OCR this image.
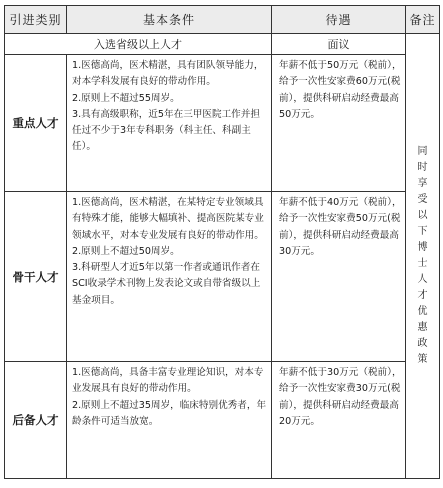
引进类别	基本条件	待遇	备注
入选省级以上人才		面议	同时享受以下博士人才优惠政策

重点人才	1.医德高尚，医术精湛，具有团队领导能力，对本学科发展有良好的带动作用。

2.原则上不超过55周岁。

3.具有高级职称，近5年在三甲医院工作并担任过不少于3年专科职务（科主任、科副主任）。	年薪不低于50万元（税前），给予一次性安家费60万元(税前），提供科研启动经费最高50万元。	
骨干人才	1.医德高尚，医术精湛，在某特定专业领域具有特殊才能，能够大幅填补、提高医院某专业领域水平，对本专业发展有良好的带动作用。

2.原则上不超过50周岁。

3.科研型人才近5年以第一作者或通讯作者在SCI收录学术刊物上发表论文或自带省级以上基金项目。	年薪不低于40万元（税前），给予一次性安家费50万元(税前），提供科研启动经费最高30万元。	
后备人才	1.医德高尚，具备丰富专业理论知识，对本专业发展具有良好的带动作用。

2.原则上不超过35周岁，临床特别优秀者，年龄条件可适当放宽。	年薪不低于30万元（税前），给予一次性安家费30万元(税前），提供科研启动经费最高20万元。	
